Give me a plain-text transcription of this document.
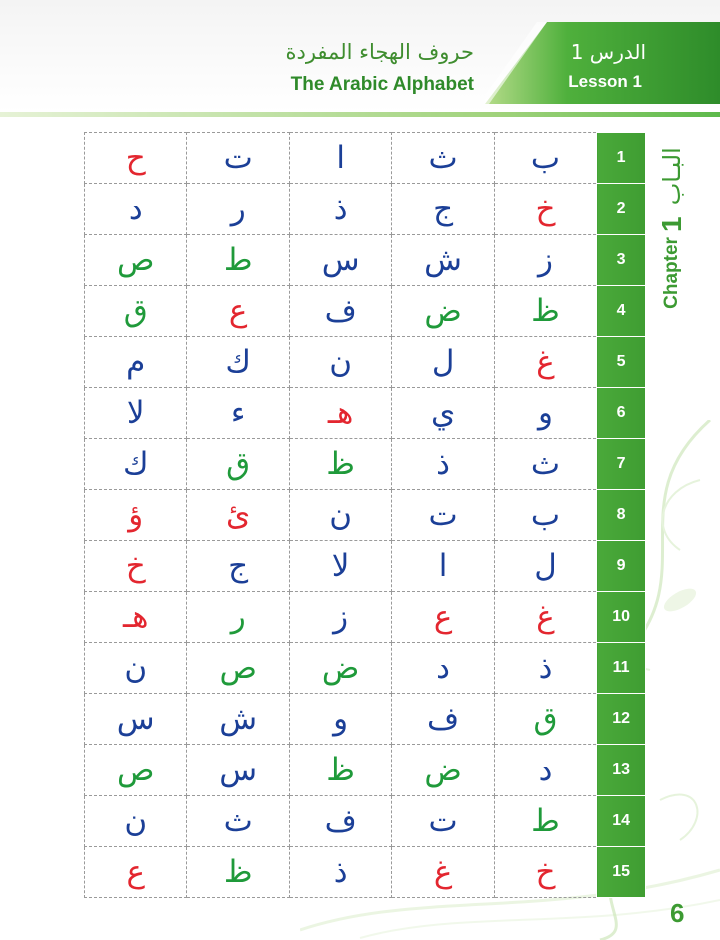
حروف الهجاء المفردة
The Arabic Alphabet
الدرس 1
Lesson 1
Chapter 1 البـاب
ح	ت	ا	ث	ب	1
د	ر	ذ	ج	خ	2
ص	ط	س	ش	ز	3
ق	ع	ف	ض	ظ	4
م	ك	ن	ل	غ	5
لا	ء	هـ	ي	و	6
ك	ق	ظ	ذ	ث	7
ؤ	ئ	ن	ت	ب	8
خ	ج	لا	ا	ل	9
هـ	ر	ز	ع	غ	10
ن	ص	ض	د	ذ	11
س	ش	و	ف	ق	12
ص	س	ظ	ض	د	13
ن	ث	ف	ت	ط	14
ع	ظ	ذ	غ	خ	15
6
